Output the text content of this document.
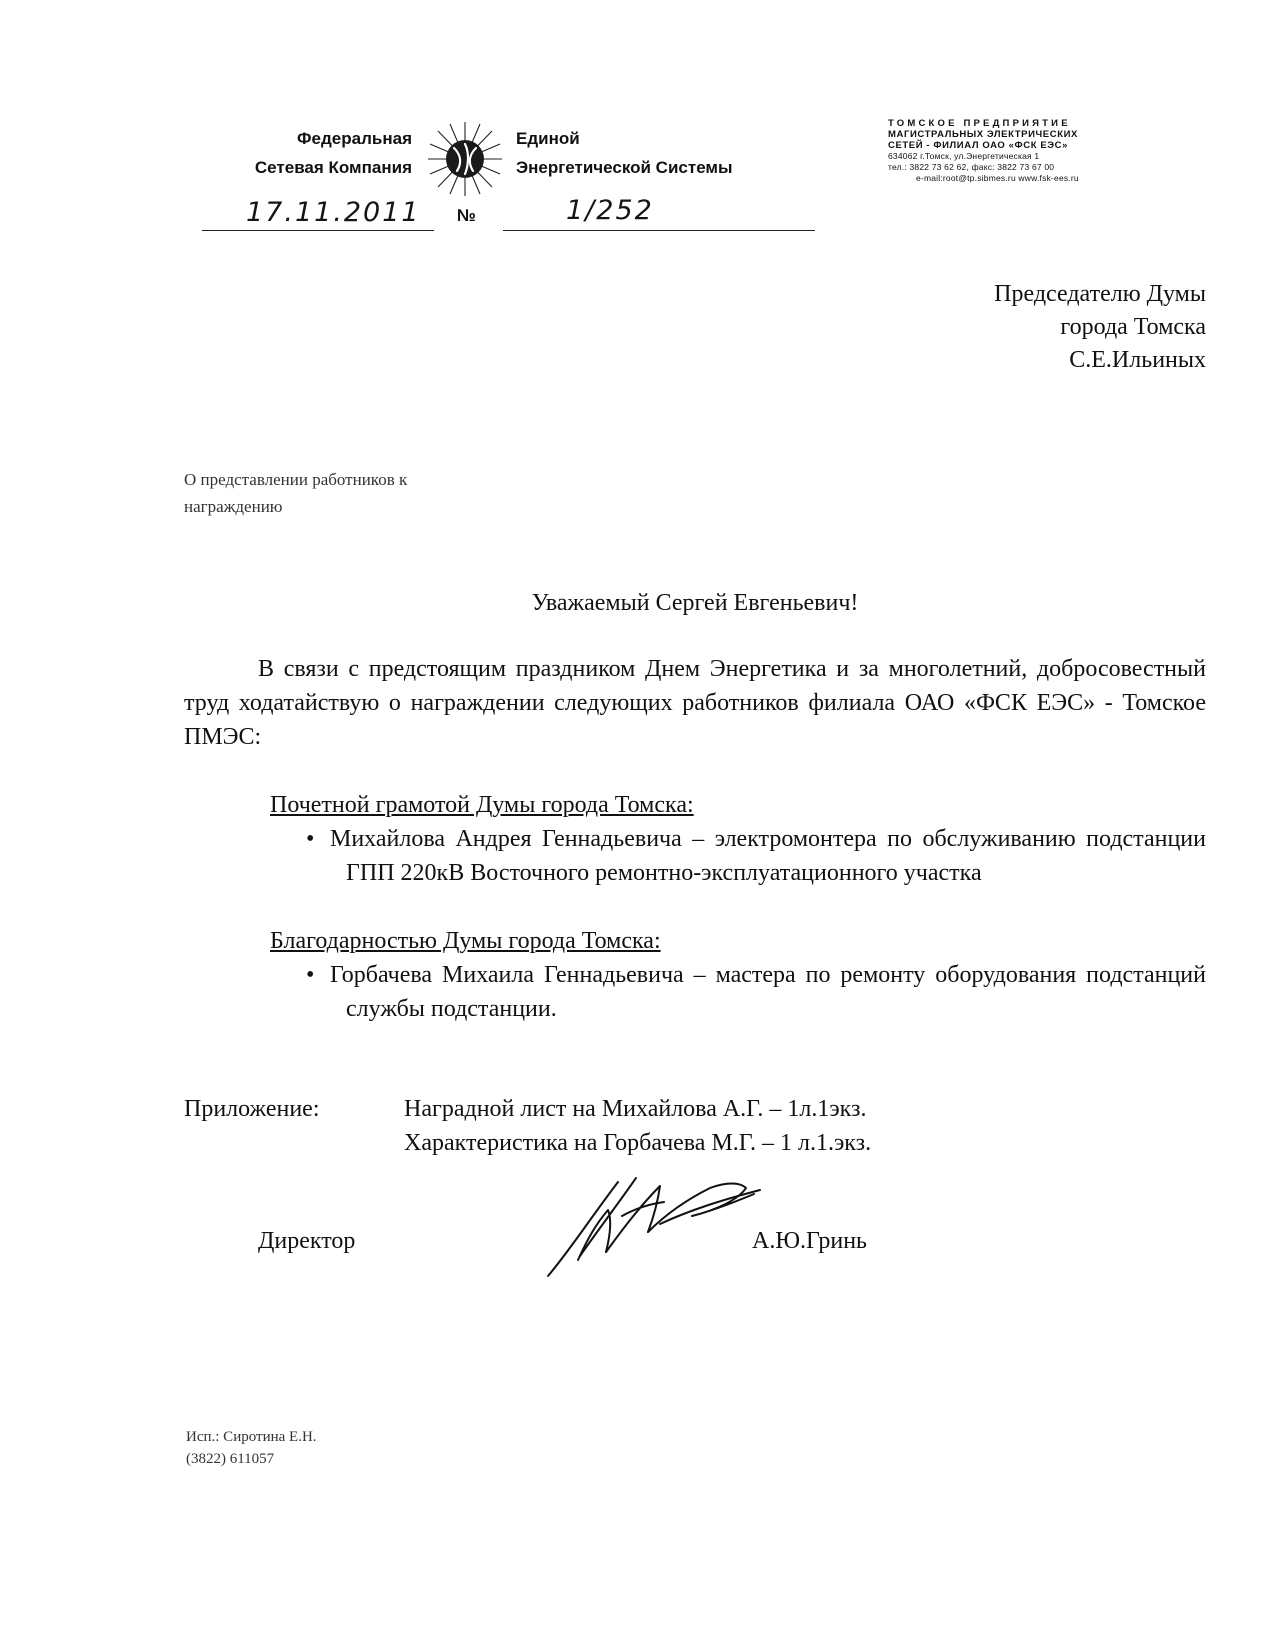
Федеральная
Сетевая Компания
Единой
Энергетической Системы
ТОМСКОЕ ПРЕДПРИЯТИЕ
МАГИСТРАЛЬНЫХ ЭЛЕКТРИЧЕСКИХ
СЕТЕЙ - ФИЛИАЛ ОАО «ФСК ЕЭС»
634062 г.Томск, ул.Энергетическая 1
тел.: 3822 73 62 62, факс: 3822 73 67 00
e-mail:root@tp.sibmes.ru www.fsk-ees.ru
17.11.2011 №	1/252
Председателю Думы
города Томска
С.Е.Ильиных
О представлении работников к
награждению
Уважаемый Сергей Евгеньевич!
В связи с предстоящим праздником Днем Энергетика и за многолетний, добросовестный труд ходатайствую о награждении следующих работников филиала ОАО «ФСК ЕЭС» - Томское ПМЭС:
Почетной грамотой Думы города Томска:
• Михайлова Андрея Геннадьевича – электромонтера по обслуживанию подстанции ГПП 220кВ Восточного ремонтно-эксплуатационного участка
Благодарностью Думы города Томска:
• Горбачева Михаила Геннадьевича – мастера по ремонту оборудования подстанций службы подстанции.
Приложение:	Наградной лист на Михайлова А.Г. – 1л.1экз.
Характеристика на Горбачева М.Г. – 1 л.1.экз.
Директор	А.Ю.Гринь
Исп.: Сиротина Е.Н.
(3822) 611057
